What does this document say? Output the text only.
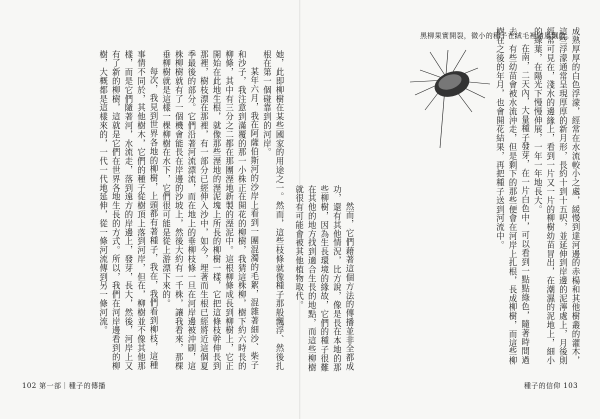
她，此即柳樹在某些國家的用途之一。然而，這些枝條就像種子那般飄浮、然後扎根在第一個碰靠到的河岸。

某年六月，我在阿薩伯斯河的沙岸上看到一團混濁的毛絮，混雜著細沙、柴子和沙子，我注意到滿覆的那一小株正在開花的柳樹，我猜這株柳，樹下約六時長的柳條，其中有三分之二都在那團溼地新製的溼泥中。這根柳條成長到柳樹上，它正開始在此地生根，就像那些溼地的溼泥塊上所長的柳樹一樣，它把這條枝幹伸長到那裡，樹枝漂在那裡，有一部分已經伸入沙中，如今，埋著而生根已經將近這個夏季最後的部分。它們沿著河流漂流，而在地上的垂柳枝條一旦在河岸邊被沖刷，這株柳樹就有了一個機會能長在岸邊的沙坡上，然後大約有一千株，讓我看來，那棵垂柳樹就是這樣一棵柳樹在水下，它們很可能是從上游漂下來的。

每次，我見到世界各地的柳樹，上頭都有著種子，我在，我們看到柳枝，這種事情不同於，其他樹木，它們的種子從樹頂上落到河岸，但在，柳樹並不像其他那樣，而是它們隨著河，水流走，落到遠方的岸邊上，發芽，長大，然後，河岸上又有了新的柳樹，這就是它們在世界各地生長的方式。所以，我們在河岸邊看到的柳樹，大概都是這樣來的，一代一代地延伸，從一條河流傳到另一條河流。

102 第一部｜種子的傳播
黑柳果實開裂，微小的種子在絨毛裡隨風飄散。

成熟厚厚的白色浮濛，經常在水流較小之處，緩慢到達河邊的赤楊和其他樹叢的灌木，這些浮濛通常呈現厚厚的新月形，長約十到十五呎，並延伸到岸邊的泥濘處上，月後則經常可見在，淺水的邊緣上，看到一片又一片的柳樹幼苗冒出，在潮濕的泥地上，細小的綠葉，在陽光下慢慢伸展，一年一年地長大。

在南，二天內，大量種子發芽，在一片白色中，可以看到一點點綠色，隨著時間過去，有些幼苗會被水流沖走，但是剩下的那些便會在河岸上扎根，長成柳樹，而這些柳樹在之後的年月，也會開花結果，再把種子送到河流中。

然而，它們藉著這個方法的傳播並非全都成功，還有其他情況，比方說，像是長在本地的那些柳樹，因為生長環境的緣故，它們的種子很難在其他的地方找到適合生長的地點，而這些柳樹就很有可能會被其他植物取代。

種子的信仰 103
